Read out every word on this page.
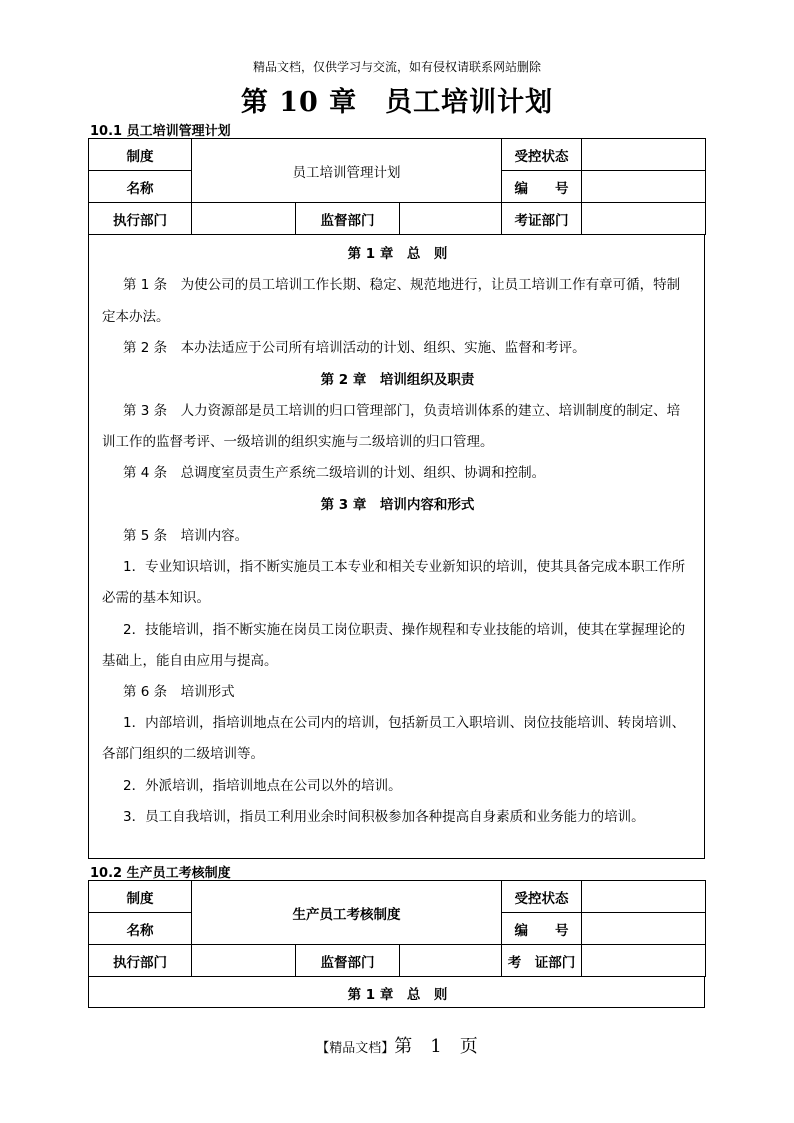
精品文档，仅供学习与交流，如有侵权请联系网站删除
第 10 章　员工培训计划
10.1 员工培训管理计划
制度	员工培训管理计划			受控状态	
名称				编　　号	
执行部门		监督部门		考证部门	
第 1 章　总　则
第 1 条　为使公司的员工培训工作长期、稳定、规范地进行，让员工培训工作有章可循，特制
定本办法。
第 2 条　本办法适应于公司所有培训活动的计划、组织、实施、监督和考评。
第 2 章　培训组织及职责
第 3 条　人力资源部是员工培训的归口管理部门，负责培训体系的建立、培训制度的制定、培
训工作的监督考评、一级培训的组织实施与二级培训的归口管理。
第 4 条　总调度室员责生产系统二级培训的计划、组织、协调和控制。
第 3 章　培训内容和形式
第 5 条　培训内容。
1．专业知识培训，指不断实施员工本专业和相关专业新知识的培训，使其具备完成本职工作所
必需的基本知识。
2．技能培训，指不断实施在岗员工岗位职责、操作规程和专业技能的培训，使其在掌握理论的
基础上，能自由应用与提高。
第 6 条　培训形式
1．内部培训，指培训地点在公司内的培训，包括新员工入职培训、岗位技能培训、转岗培训、
各部门组织的二级培训等。
2．外派培训，指培训地点在公司以外的培训。
3．员工自我培训，指员工利用业余时间积极参加各种提高自身素质和业务能力的培训。
10.2 生产员工考核制度
制度	生产员工考核制度			受控状态	
名称				编　　号	
执行部门		监督部门		考　证部门	
第 1 章　总　则
【精品文档】第　1　页
